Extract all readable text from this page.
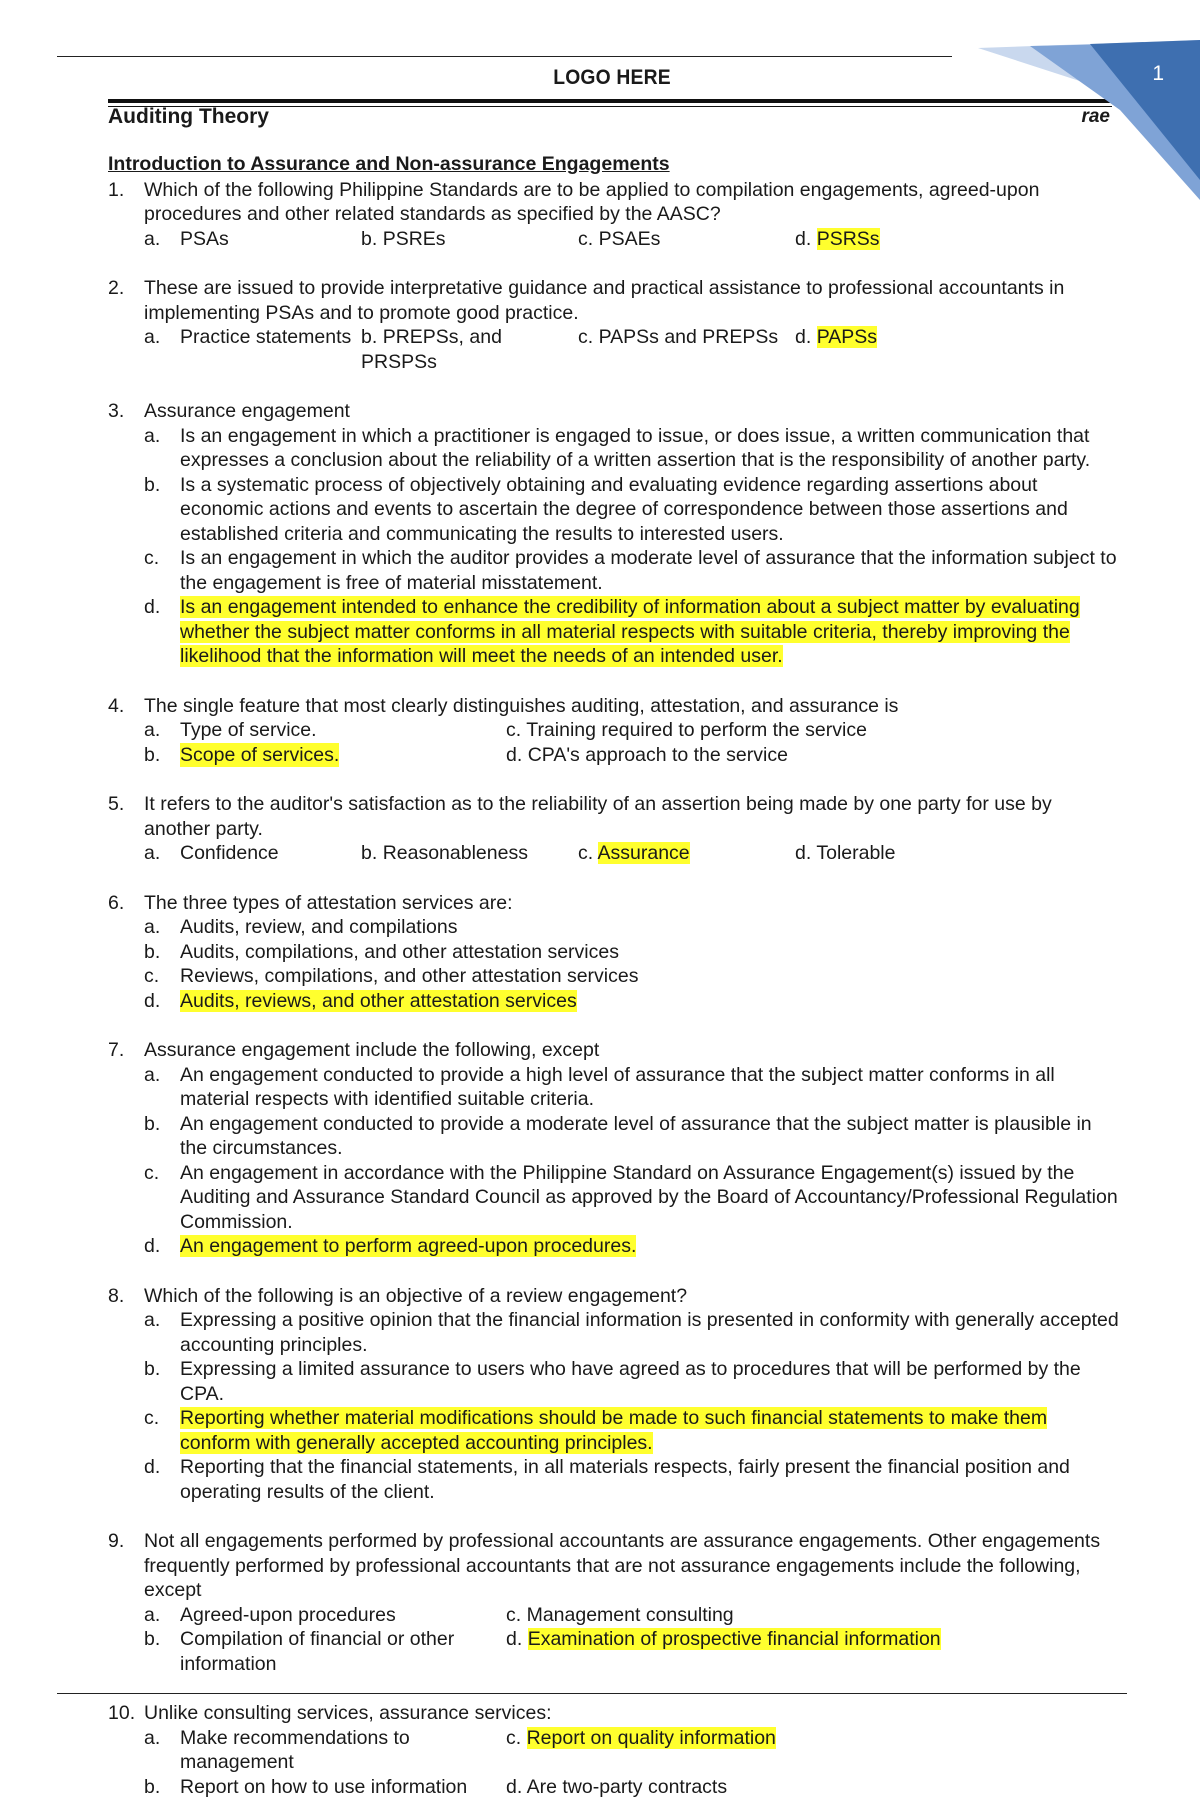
LOGO HERE
Auditing Theory	rae
1
Introduction to Assurance and Non-assurance Engagements
1.	Which of the following Philippine Standards are to be applied to compilation engagements, agreed-upon procedures and other related standards as specified by the AASC?
a.	PSAs	b. PSREs	c. PSAEs	d. PSRSs
2.	These are issued to provide interpretative guidance and practical assistance to professional accountants in implementing PSAs and to promote good practice.
a.	Practice statements b. PREPSs, and PRSPSs
c. PAPSs and PREPSs d. PAPSs
3.	Assurance engagement
a.	Is an engagement in which a practitioner is engaged to issue, or does issue, a written communication that expresses a conclusion about the reliability of a written assertion that is the responsibility of another party.
b.	Is a systematic process of objectively obtaining and evaluating evidence regarding assertions about economic actions and events to ascertain the degree of correspondence between those assertions and established criteria and communicating the results to interested users.
c.	Is an engagement in which the auditor provides a moderate level of assurance that the information subject to the engagement is free of material misstatement.
d.	Is an engagement intended to enhance the credibility of information about a subject matter by evaluating whether the subject matter conforms in all material respects with suitable criteria, thereby improving the likelihood that the information will meet the needs of an intended user.
4.	The single feature that most clearly distinguishes auditing, attestation, and assurance is
a.	Type of service.	c. Training required to perform the service
b.	Scope of services.	d. CPA's approach to the service
5.	It refers to the auditor's satisfaction as to the reliability of an assertion being made by one party for use by another party.
a.	Confidence	b. Reasonableness	c. Assurance	d. Tolerable
6.	The three types of attestation services are:
a.	Audits, review, and compilations
b.	Audits, compilations, and other attestation services
c.	Reviews, compilations, and other attestation services
d.	Audits, reviews, and other attestation services
7.	Assurance engagement include the following, except
a.	An engagement conducted to provide a high level of assurance that the subject matter conforms in all material respects with identified suitable criteria.
b.	An engagement conducted to provide a moderate level of assurance that the subject matter is plausible in the circumstances.
c.	An engagement in accordance with the Philippine Standard on Assurance Engagement(s) issued by the Auditing and Assurance Standard Council as approved by the Board of Accountancy/Professional Regulation Commission.
d.	An engagement to perform agreed-upon procedures.
8.	Which of the following is an objective of a review engagement?
a.	Expressing a positive opinion that the financial information is presented in conformity with generally accepted accounting principles.
b.	Expressing a limited assurance to users who have agreed as to procedures that will be performed by the CPA.
c.	Reporting whether material modifications should be made to such financial statements to make them conform with generally accepted accounting principles.
d.	Reporting that the financial statements, in all materials respects, fairly present the financial position and operating results of the client.
9.	Not all engagements performed by professional accountants are assurance engagements. Other engagements frequently performed by professional accountants that are not assurance engagements include the following, except
a.	Agreed-upon procedures	c. Management consulting
b.	Compilation of financial or other information
d. Examination of prospective financial information
10. Unlike consulting services, assurance services:
a.	Make recommendations to management
c. Report on quality information
b.	Report on how to use information d. Are two-party contracts
